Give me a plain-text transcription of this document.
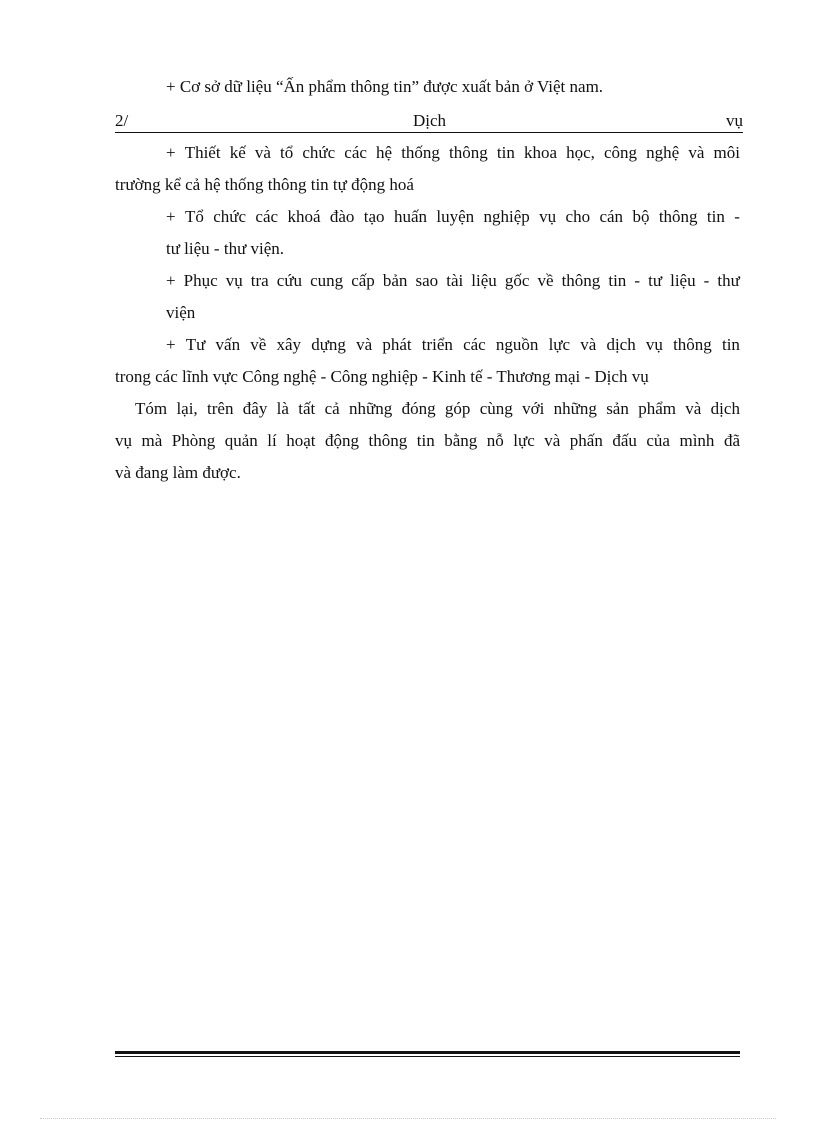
+ Cơ sở dữ liệu “Ấn phẩm thông tin” được xuất bản ở Việt nam.
2/	Dịch	vụ
+ Thiết kế và tổ chức các hệ thống thông tin khoa học, công nghệ và môi
trường kể cả hệ thống thông tin tự động hoá
+ Tổ chức các khoá đào tạo huấn luyện nghiệp vụ cho cán bộ thông tin -
tư liệu - thư viện.
+ Phục vụ tra cứu cung cấp bản sao tài liệu gốc về thông tin - tư liệu - thư
viện
+ Tư vấn về xây dựng và phát triển các nguồn lực và dịch vụ thông tin
trong các lĩnh vực Công nghệ - Công nghiệp - Kinh tế - Thương mại - Dịch vụ
Tóm lại, trên đây là tất cả những đóng góp cùng với những sản phẩm và dịch
vụ mà Phòng quản lí hoạt động thông tin bằng nỗ lực và phấn đấu của mình đã
và đang làm được.
